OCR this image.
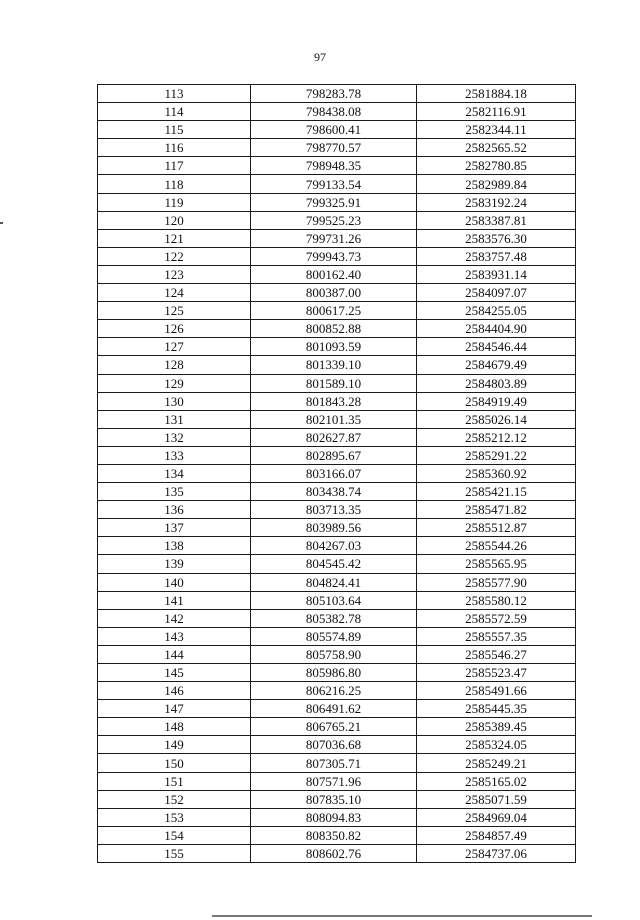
97
113	798283.78	2581884.18
114	798438.08	2582116.91
115	798600.41	2582344.11
116	798770.57	2582565.52
117	798948.35	2582780.85
118	799133.54	2582989.84
119	799325.91	2583192.24
120	799525.23	2583387.81
121	799731.26	2583576.30
122	799943.73	2583757.48
123	800162.40	2583931.14
124	800387.00	2584097.07
125	800617.25	2584255.05
126	800852.88	2584404.90
127	801093.59	2584546.44
128	801339.10	2584679.49
129	801589.10	2584803.89
130	801843.28	2584919.49
131	802101.35	2585026.14
132	802627.87	2585212.12
133	802895.67	2585291.22
134	803166.07	2585360.92
135	803438.74	2585421.15
136	803713.35	2585471.82
137	803989.56	2585512.87
138	804267.03	2585544.26
139	804545.42	2585565.95
140	804824.41	2585577.90
141	805103.64	2585580.12
142	805382.78	2585572.59
143	805574.89	2585557.35
144	805758.90	2585546.27
145	805986.80	2585523.47
146	806216.25	2585491.66
147	806491.62	2585445.35
148	806765.21	2585389.45
149	807036.68	2585324.05
150	807305.71	2585249.21
151	807571.96	2585165.02
152	807835.10	2585071.59
153	808094.83	2584969.04
154	808350.82	2584857.49
155	808602.76	2584737.06
